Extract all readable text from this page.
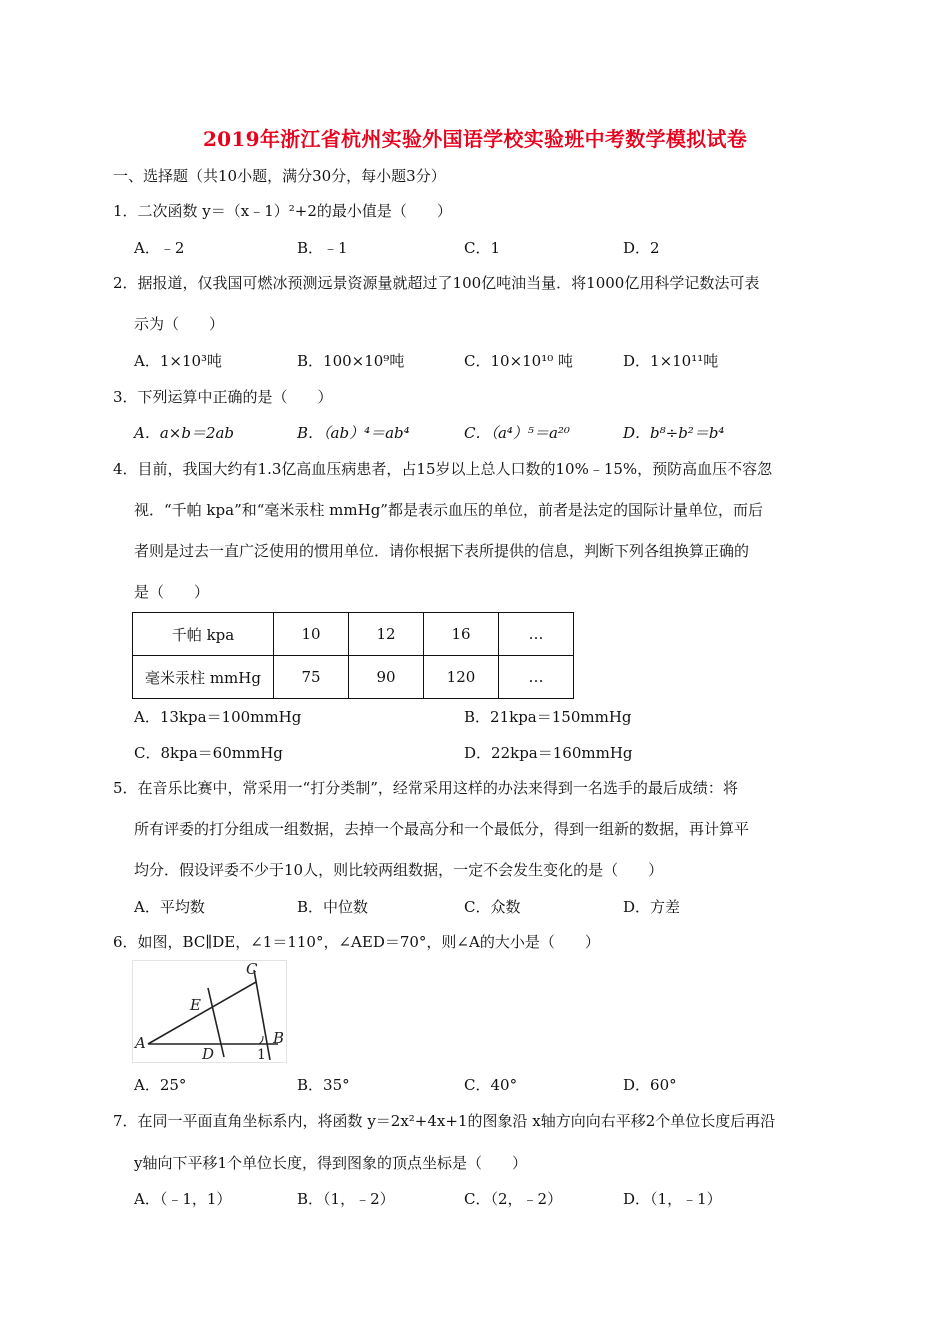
2019年浙江省杭州实验外国语学校实验班中考数学模拟试卷
一、选择题（共10小题，满分30分，每小题3分）
1．二次函数 y＝（x﹣1）²+2的最小值是（　　）
A．﹣2	B．﹣1	C．1	D．2
2．据报道，仅我国可燃冰预测远景资源量就超过了100亿吨油当量．将1000亿用科学记数法可表
示为（　　）
A．1×10³吨	B．100×10⁹吨	C．10×10¹⁰ 吨	D．1×10¹¹吨
3．下列运算中正确的是（　　）
A．a×b＝2ab	B．（ab）⁴＝ab⁴	C．（a⁴）⁵＝a²⁰	D．b⁸÷b²＝b⁴
4．目前，我国大约有1.3亿高血压病患者，占15岁以上总人口数的10%﹣15%，预防高血压不容忽
视．“千帕 kpa”和“毫米汞柱 mmHg”都是表示血压的单位，前者是法定的国际计量单位，而后
者则是过去一直广泛使用的惯用单位．请你根据下表所提供的信息，判断下列各组换算正确的
是（　　）
千帕 kpa	10	12	16	…
毫米汞柱 mmHg	75	90	120	…
A．13kpa＝100mmHg	B．21kpa＝150mmHg
C．8kpa＝60mmHg	D．22kpa＝160mmHg
5．在音乐比赛中，常采用一“打分类制”，经常采用这样的办法来得到一名选手的最后成绩：将
所有评委的打分组成一组数据，去掉一个最高分和一个最低分，得到一组新的数据，再计算平
均分．假设评委不少于10人，则比较两组数据，一定不会发生变化的是（　　）
A．平均数	B．中位数	C．众数	D．方差
6．如图，BC∥DE，∠1＝110°，∠AED＝70°，则∠A的大小是（　　）
C
E
B
A
D	1
A．25°	B．35°	C．40°	D．60°
7．在同一平面直角坐标系内，将函数 y＝2x²+4x+1的图象沿 x轴方向向右平移2个单位长度后再沿
y轴向下平移1个单位长度，得到图象的顶点坐标是（　　）
A．（﹣1，1）	B．（1，﹣2）	C．（2，﹣2）	D．（1，﹣1）
